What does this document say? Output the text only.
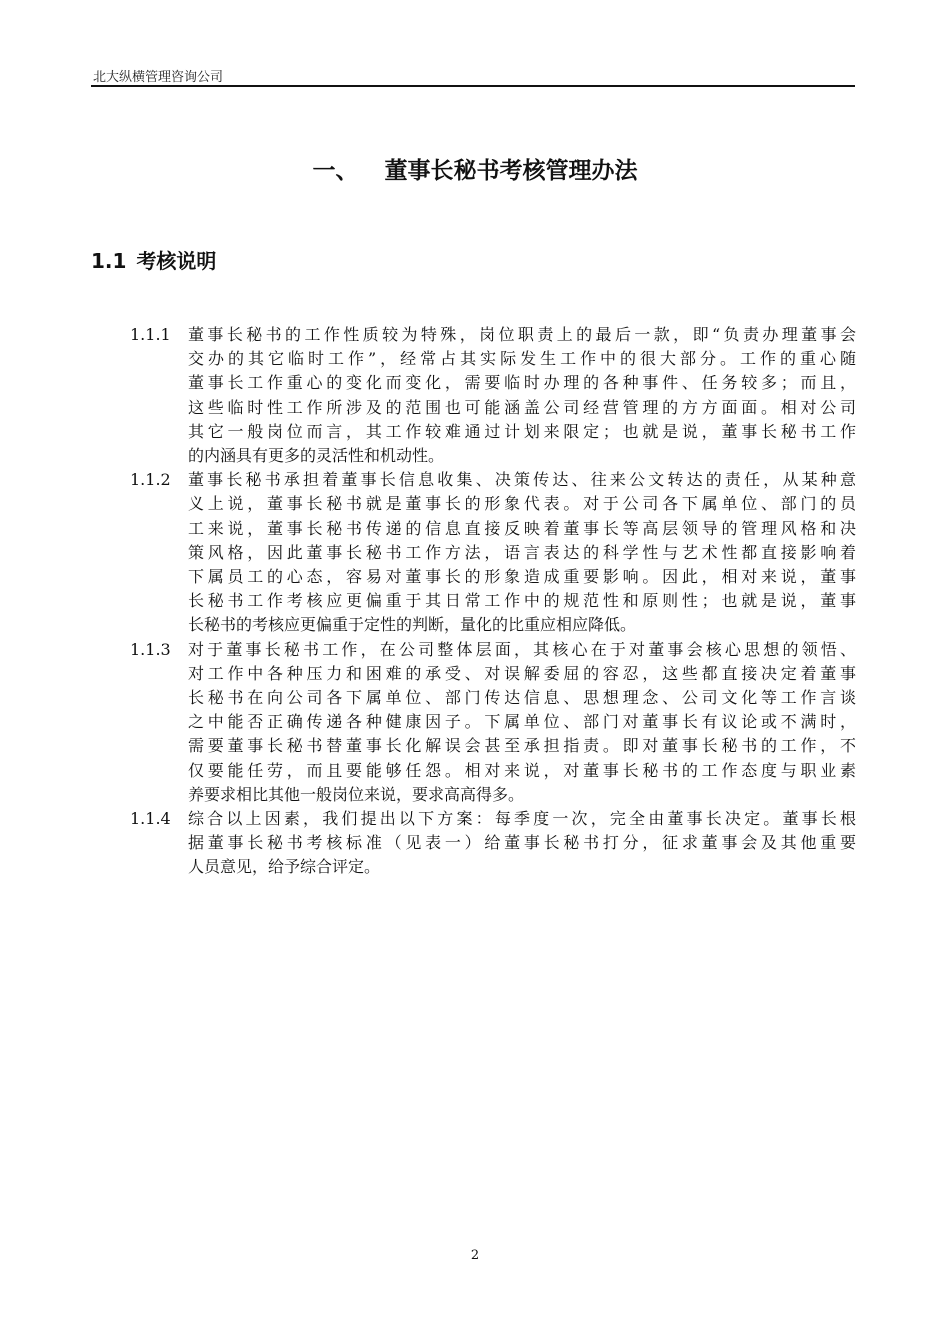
北大纵横管理咨询公司
一、 董事长秘书考核管理办法
1.1 考核说明
1.1.1 董事长秘书的工作性质较为特殊，岗位职责上的最后一款，即“负责办理董事会
交办的其它临时工作”，经常占其实际发生工作中的很大部分。工作的重心随
董事长工作重心的变化而变化，需要临时办理的各种事件、任务较多；而且，
这些临时性工作所涉及的范围也可能涵盖公司经营管理的方方面面。相对公司
其它一般岗位而言，其工作较难通过计划来限定；也就是说，董事长秘书工作
的内涵具有更多的灵活性和机动性。
1.1.2 董事长秘书承担着董事长信息收集、决策传达、往来公文转达的责任，从某种意
义上说，董事长秘书就是董事长的形象代表。对于公司各下属单位、部门的员
工来说，董事长秘书传递的信息直接反映着董事长等高层领导的管理风格和决
策风格，因此董事长秘书工作方法，语言表达的科学性与艺术性都直接影响着
下属员工的心态，容易对董事长的形象造成重要影响。因此，相对来说，董事
长秘书工作考核应更偏重于其日常工作中的规范性和原则性；也就是说，董事
长秘书的考核应更偏重于定性的判断，量化的比重应相应降低。
1.1.3 对于董事长秘书工作，在公司整体层面，其核心在于对董事会核心思想的领悟、
对工作中各种压力和困难的承受、对误解委屈的容忍，这些都直接决定着董事
长秘书在向公司各下属单位、部门传达信息、思想理念、公司文化等工作言谈
之中能否正确传递各种健康因子。下属单位、部门对董事长有议论或不满时，
需要董事长秘书替董事长化解误会甚至承担指责。即对董事长秘书的工作，不
仅要能任劳，而且要能够任怨。相对来说，对董事长秘书的工作态度与职业素
养要求相比其他一般岗位来说，要求高高得多。
1.1.4 综合以上因素，我们提出以下方案：每季度一次，完全由董事长决定。董事长根
据董事长秘书考核标准（见表一）给董事长秘书打分，征求董事会及其他重要
人员意见，给予综合评定。
2
